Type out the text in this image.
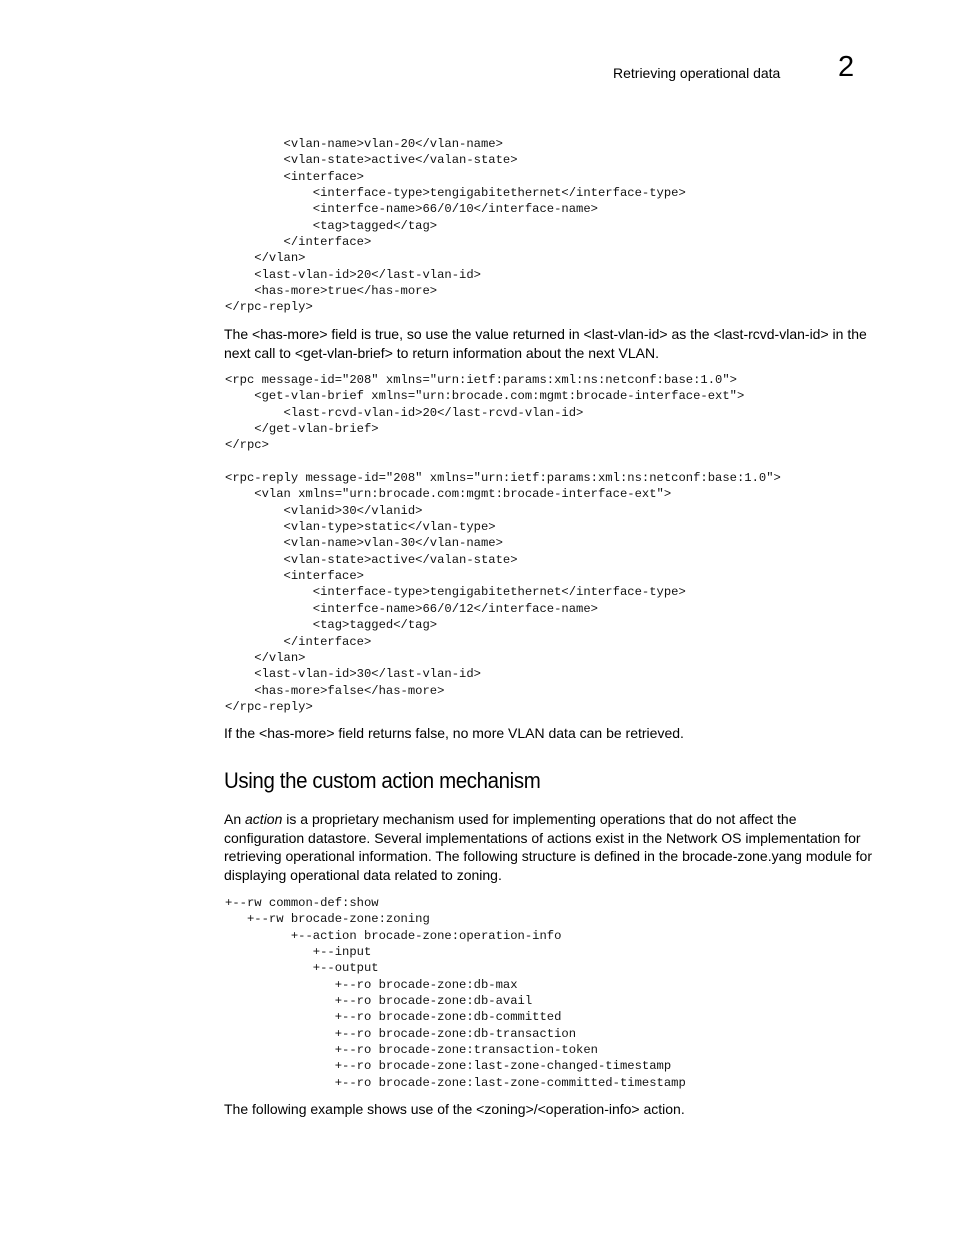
Retrieving operational data 2
<vlan-name>vlan-20</vlan-name>
<vlan-state>active</valan-state>
<interface>
<interface-type>tengigabitethernet</interface-type>
<interfce-name>66/0/10</interface-name>
<tag>tagged</tag>
</interface>
</vlan>
<last-vlan-id>20</last-vlan-id>
<has-more>true</has-more>
</rpc-reply>

The <has-more> field is true, so use the value returned in <last-vlan-id> as the <last-rcvd-vlan-id> in the next call to <get-vlan-brief> to return information about the next VLAN.

<rpc message-id="208" xmlns="urn:ietf:params:xml:ns:netconf:base:1.0">
<get-vlan-brief xmlns="urn:brocade.com:mgmt:brocade-interface-ext">
<last-rcvd-vlan-id>20</last-rcvd-vlan-id>
</get-vlan-brief>
</rpc>
<rpc-reply message-id="208" xmlns="urn:ietf:params:xml:ns:netconf:base:1.0">
<vlan xmlns="urn:brocade.com:mgmt:brocade-interface-ext">
<vlanid>30</vlanid>
<vlan-type>static</vlan-type>
<vlan-name>vlan-30</vlan-name>
<vlan-state>active</valan-state>
<interface>
<interface-type>tengigabitethernet</interface-type>
<interfce-name>66/0/12</interface-name>
<tag>tagged</tag>
</interface>
</vlan>
<last-vlan-id>30</last-vlan-id>
<has-more>false</has-more>
</rpc-reply>

If the <has-more> field returns false, no more VLAN data can be retrieved.

Using the custom action mechanism

An action is a proprietary mechanism used for implementing operations that do not affect the configuration datastore. Several implementations of actions exist in the Network OS implementation for retrieving operational information. The following structure is defined in the brocade-zone.yang module for displaying operational data related to zoning.

+--rw common-def:show
+--rw brocade-zone:zoning
+--action brocade-zone:operation-info
+--input
+--output
+--ro brocade-zone:db-max
+--ro brocade-zone:db-avail
+--ro brocade-zone:db-committed
+--ro brocade-zone:db-transaction
+--ro brocade-zone:transaction-token
+--ro brocade-zone:last-zone-changed-timestamp
+--ro brocade-zone:last-zone-committed-timestamp

The following example shows use of the <zoning>/<operation-info> action.
